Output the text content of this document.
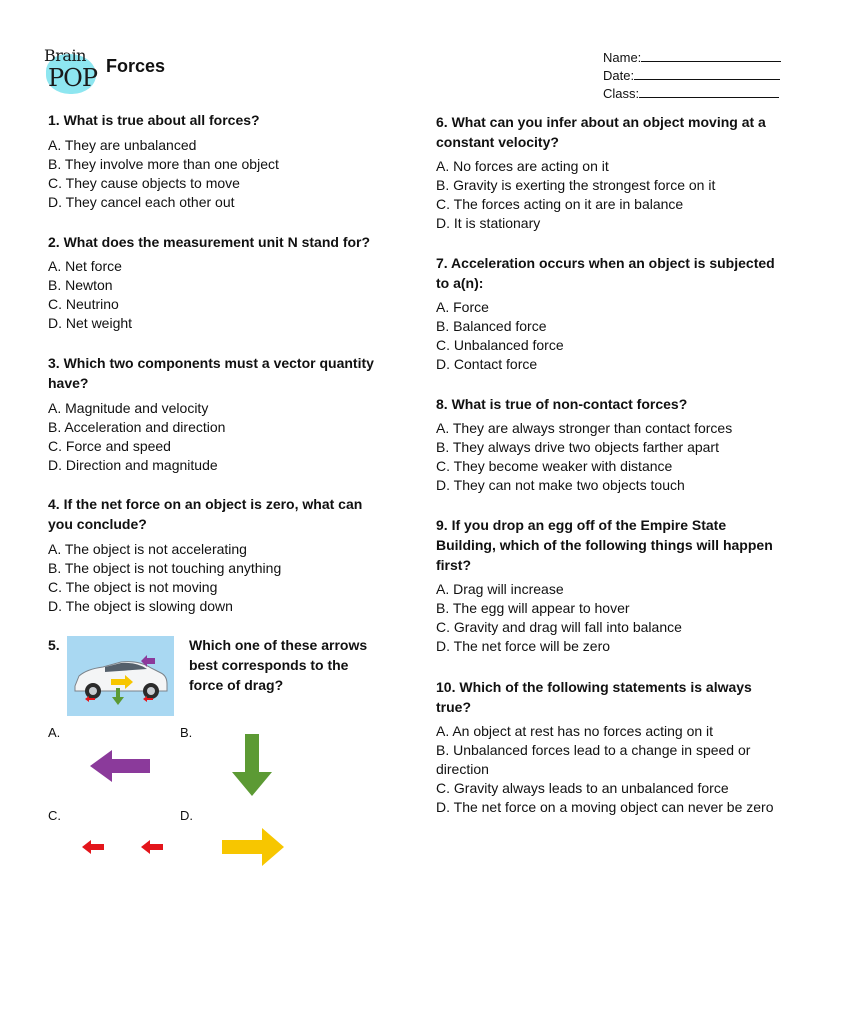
Brain
POP Forces	Name:
Date:
Class:
1. What is true about all forces?
A. They are unbalanced
B. They involve more than one object
C. They cause objects to move
D. They cancel each other out
2. What does the measurement unit N stand for?
A. Net force
B. Newton
C. Neutrino
D. Net weight
3. Which two components must a vector quantity
have?
A. Magnitude and velocity
B. Acceleration and direction
C. Force and speed
D. Direction and magnitude
4. If the net force on an object is zero, what can
you conclude?
A. The object is not accelerating
B. The object is not touching anything
C. The object is not moving
D. The object is slowing down
5.	Which one of these arrows
best corresponds to the
force of drag?
A.	B.
C.	D.
6. What can you infer about an object moving at a
constant velocity?
A. No forces are acting on it
B. Gravity is exerting the strongest force on it
C. The forces acting on it are in balance
D. It is stationary
7. Acceleration occurs when an object is subjected
to a(n):
A. Force
B. Balanced force
C. Unbalanced force
D. Contact force
8. What is true of non-contact forces?
A. They are always stronger than contact forces
B. They always drive two objects farther apart
C. They become weaker with distance
D. They can not make two objects touch
9. If you drop an egg off of the Empire State
Building, which of the following things will happen
first?
A. Drag will increase
B. The egg will appear to hover
C. Gravity and drag will fall into balance
D. The net force will be zero
10. Which of the following statements is always
true?
A. An object at rest has no forces acting on it
B. Unbalanced forces lead to a change in speed or
direction
C. Gravity always leads to an unbalanced force
D. The net force on a moving object can never be zero
